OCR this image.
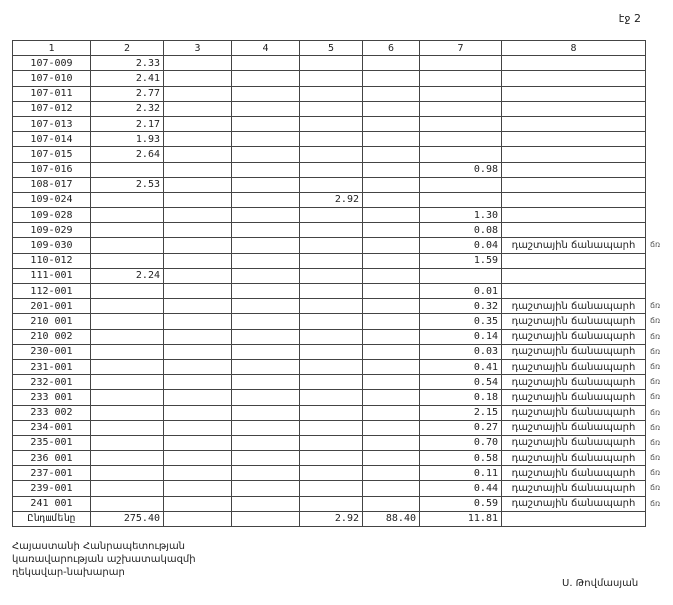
էջ 2
1	2	3	4	5	6	7	8
107-009	2.33						

107-010	2.41						

107-011	2.77						

107-012	2.32						

107-013	2.17						

107-014	1.93						

107-015	2.64						

107-016						0.98	

108-017	2.53						

109-024				2.92			

109-028						1.30	

109-029						0.08	

109-030						0.04	դաշտային ճանապարհ ճռ

110-012						1.59	

111-001	2.24						

112-001						0.01	

201-001						0.32	դաշտային ճանապարհ ճռ

210 001						0.35	դաշտային ճանապարհ ճռ

210 002						0.14	դաշտային ճանապարհ ճռ

230-001						0.03	դաշտային ճանապարհ ճռ

231-001						0.41	դաշտային ճանապարհ ճռ

232-001						0.54	դաշտային ճանապարհ ճռ

233 001						0.18	դաշտային ճանապարհ ճռ

233 002						2.15	դաշտային ճանապարհ ճռ

234-001						0.27	դաշտային ճանապարհ ճռ

235-001						0.70	դաշտային ճանապարհ ճռ

236 001						0.58	դաշտային ճանապարհ ճռ

237-001						0.11	դաշտային ճանապարհ ճռ

239-001						0.44	դաշտային ճանապարհ ճռ

241 001						0.59	դաշտային ճանապարհ ճռ

Ընդամենը	275.40			2.92	88.40	11.81	
Հայաստանի Հանրապետության
կառավարության աշխատակազմի
ղեկավար-նախարար
Ս. Թովմասյան
